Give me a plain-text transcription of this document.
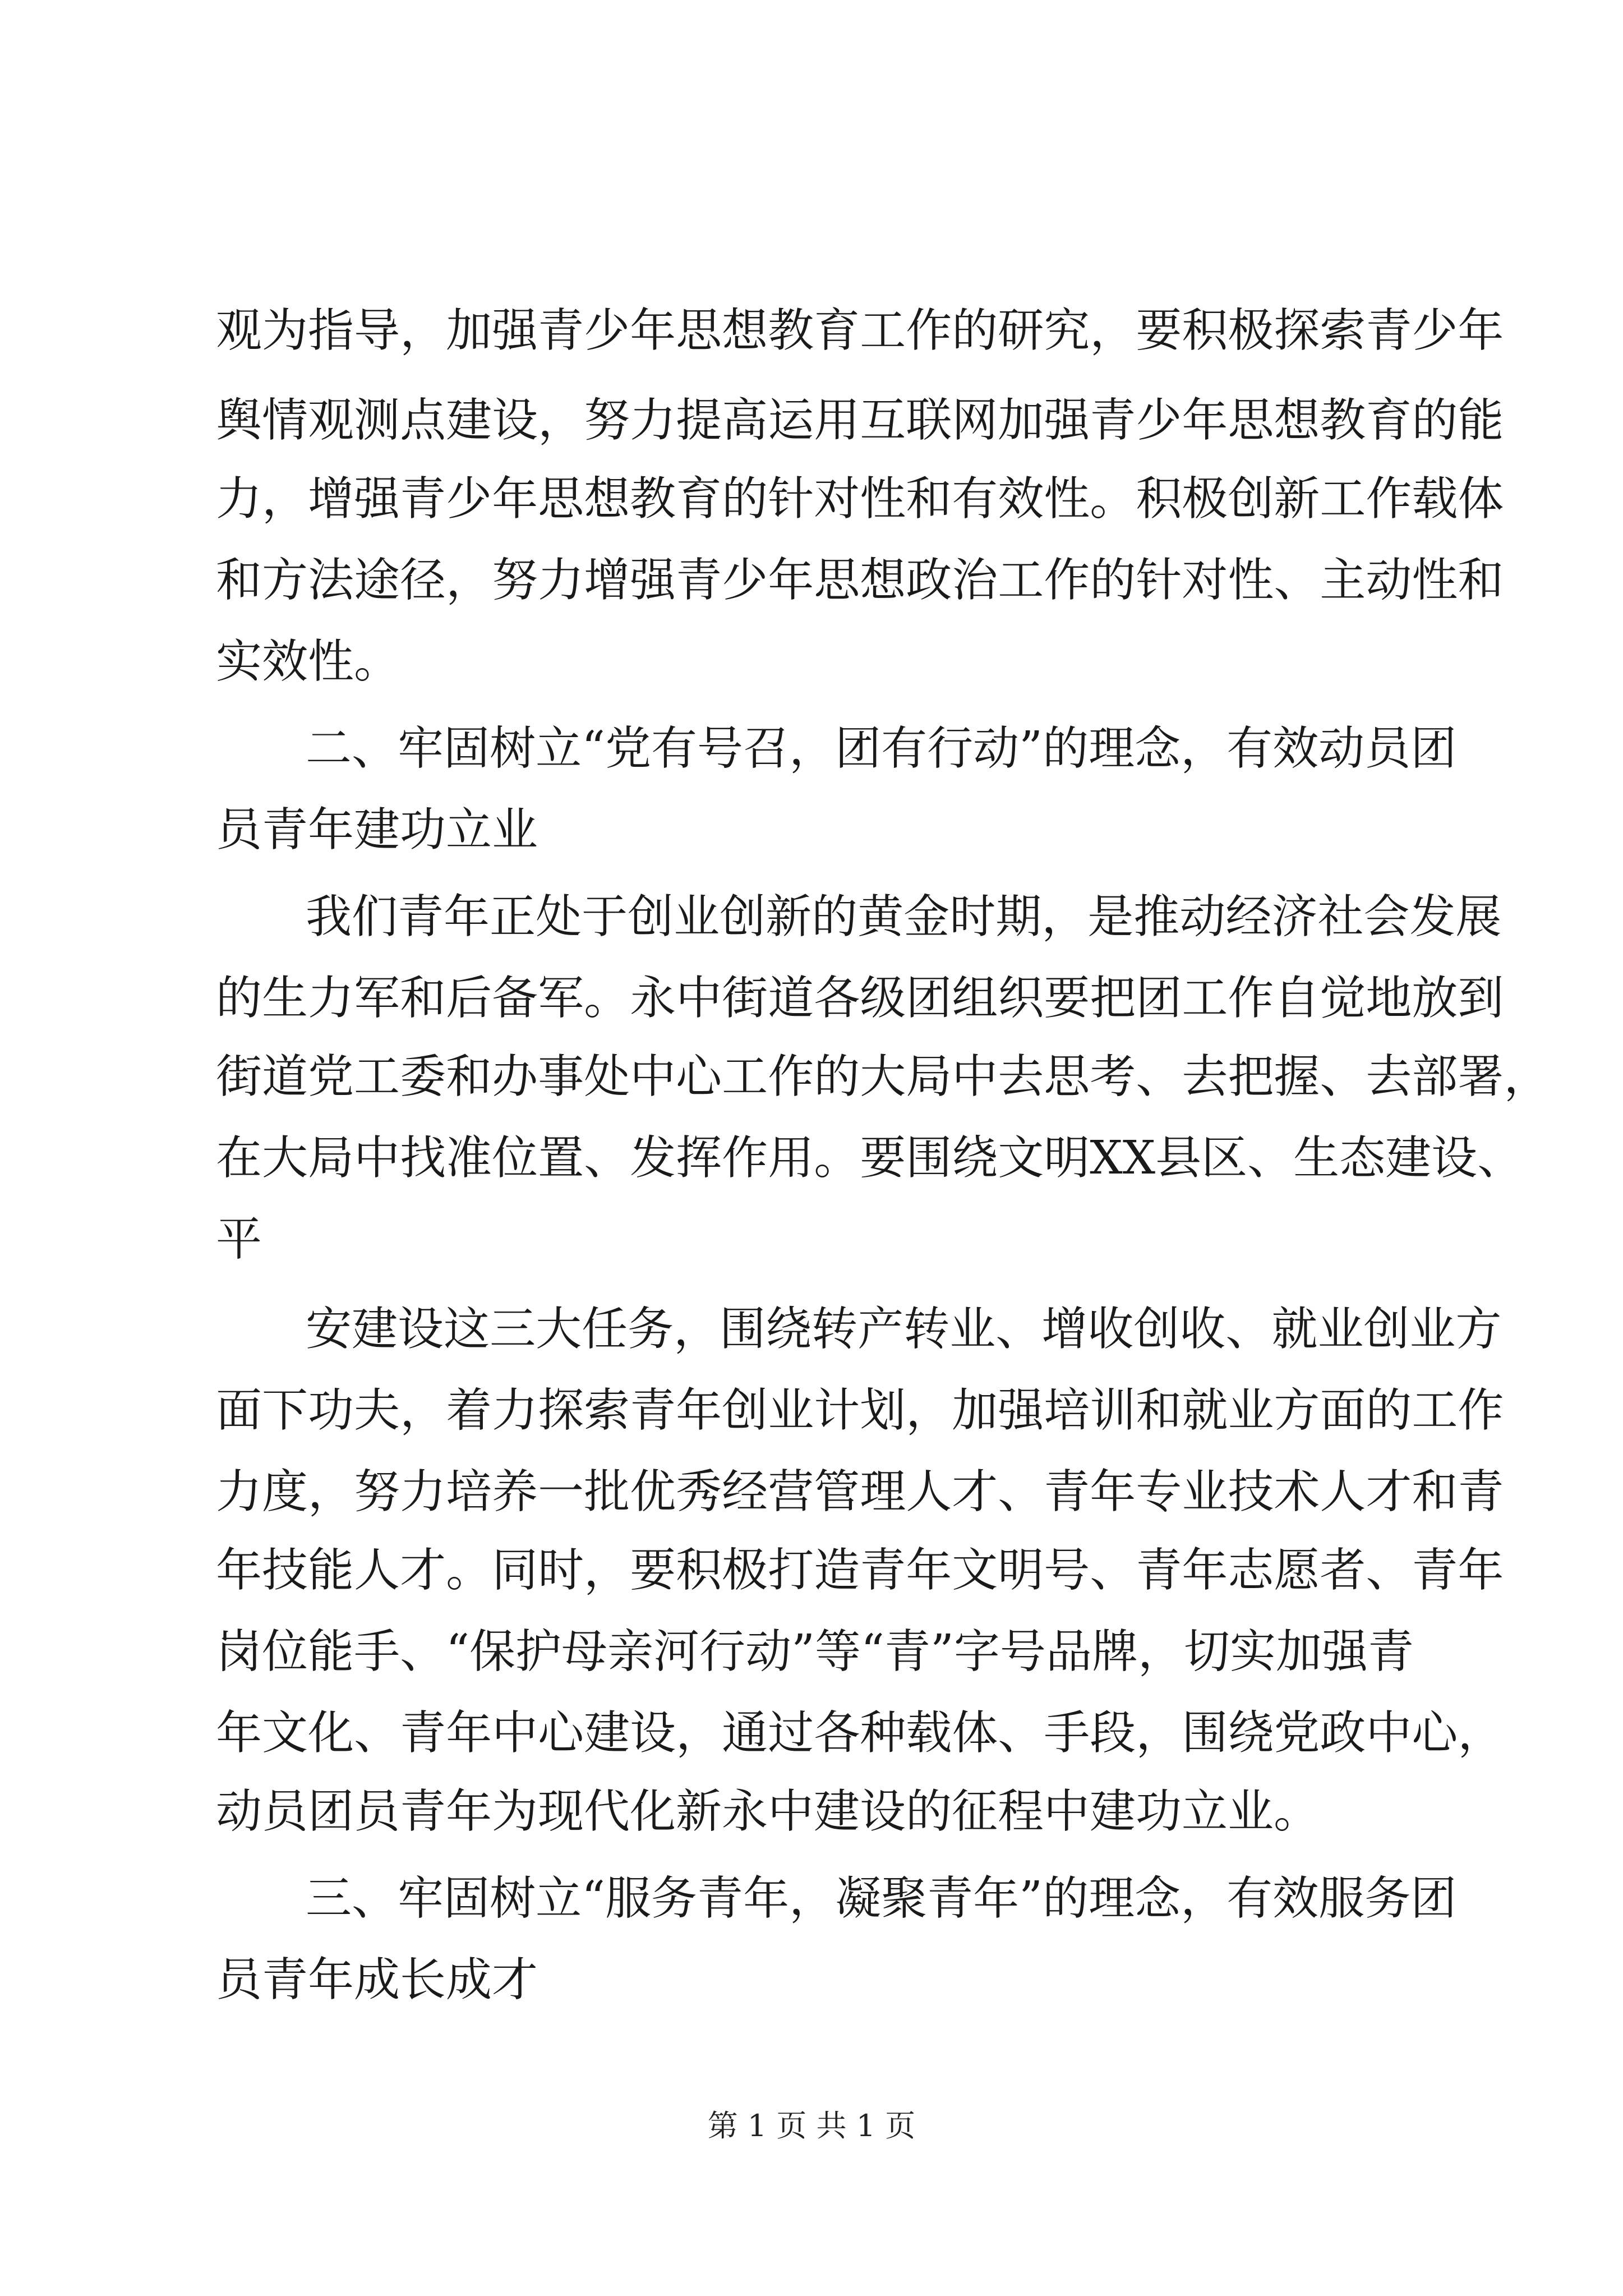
观 为 指 导 ， 加 强 青 少 年 思 想 教 育 工 作 的 研 究 ， 要 积 极 探 索 青 少 年
舆 情 观 测 点 建 设 ， 努 力 提 高 运 用 互 联 网 加 强 青 少 年 思 想 教 育 的 能
力 ， 增 强 青 少 年 思 想 教 育 的 针 对 性 和 有 效 性 。 积 极 创 新 工 作 载 体
和 方 法 途 径 ， 努 力 增 强 青 少 年 思 想 政 治 工 作 的 针 对 性 、 主 动 性 和
实效性。
二 、 牢 固 树 立 “ 党 有 号 召 ， 团 有 行 动 ” 的 理 念 ， 有 效 动 员 团
员青年建功立业
我 们 青 年 正 处 于 创 业 创 新 的 黄 金 时 期 ， 是 推 动 经 济 社 会 发 展
的 生 力 军 和 后 备 军 。 永 中 街 道 各 级 团 组 织 要 把 团 工 作 自 觉 地 放 到
街 道 党 工 委 和 办 事 处 中 心 工 作 的 大 局 中 去 思 考 、 去 把 握 、 去 部 署 ，
在 大 局 中 找 准 位 置 、 发 挥 作 用 。 要 围 绕 文 明 X X 县 区 、 生 态 建 设 、
平
安 建 设 这 三 大 任 务 ， 围 绕 转 产 转 业 、 增 收 创 收 、 就 业 创 业 方
面 下 功 夫 ， 着 力 探 索 青 年 创 业 计 划 ， 加 强 培 训 和 就 业 方 面 的 工 作
力 度 ， 努 力 培 养 一 批 优 秀 经 营 管 理 人 才 、 青 年 专 业 技 术 人 才 和 青
年 技 能 人 才 。 同 时 ， 要 积 极 打 造 青 年 文 明 号 、 青 年 志 愿 者 、 青 年
岗 位 能 手 、 “ 保 护 母 亲 河 行 动 ” 等 “ 青 ” 字 号 品 牌 ， 切 实 加 强 青
年 文 化 、 青 年 中 心 建 设 ， 通 过 各 种 载 体 、 手 段 ， 围 绕 党 政 中 心 ，
动员团员青年为现代化新永中建设的征程中建功立业。
三 、 牢 固 树 立 “ 服 务 青 年 ， 凝 聚 青 年 ” 的 理 念 ， 有 效 服 务 团
员青年成长成才
第 1 页 共 1 页
